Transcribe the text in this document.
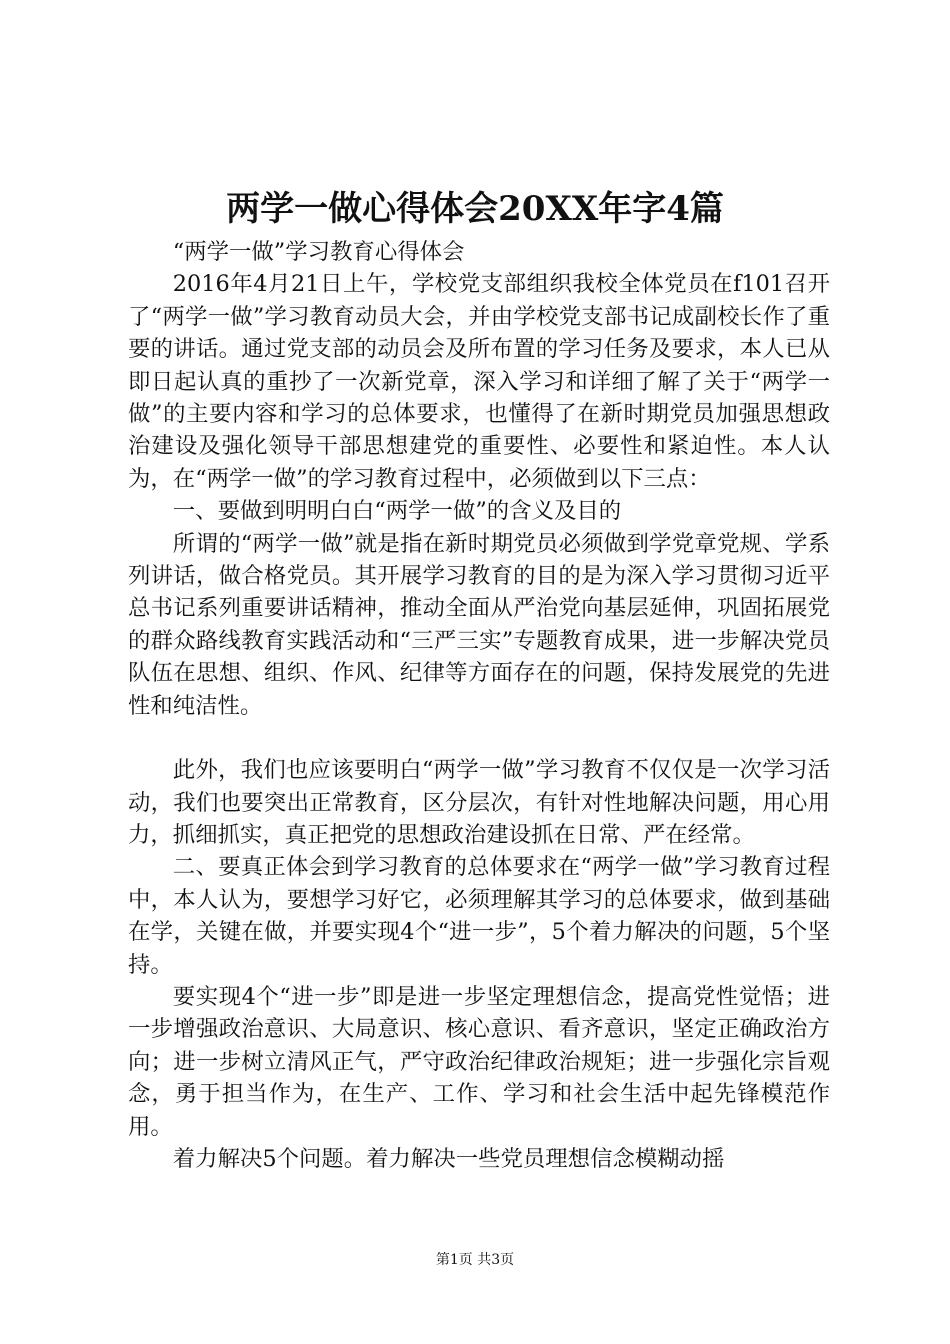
两学一做心得体会20XX年字4篇

“两学一做”学习教育心得体会

2016年4月21日上午，学校党支部组织我校全体党员在f101召开了“两学一做”学习教育动员大会，并由学校党支部书记成副校长作了重要的讲话。通过党支部的动员会及所布置的学习任务及要求，本人已从即日起认真的重抄了一次新党章，深入学习和详细了解了关于“两学一做”的主要内容和学习的总体要求，也懂得了在新时期党员加强思想政治建设及强化领导干部思想建党的重要性、必要性和紧迫性。本人认为，在“两学一做”的学习教育过程中，必须做到以下三点：

一、要做到明明白白“两学一做”的含义及目的

所谓的“两学一做”就是指在新时期党员必须做到学党章党规、学系列讲话，做合格党员。其开展学习教育的目的是为深入学习贯彻习近平总书记系列重要讲话精神，推动全面从严治党向基层延伸，巩固拓展党的群众路线教育实践活动和“三严三实”专题教育成果，进一步解决党员队伍在思想、组织、作风、纪律等方面存在的问题，保持发展党的先进性和纯洁性。

此外，我们也应该要明白“两学一做”学习教育不仅仅是一次学习活动，我们也要突出正常教育，区分层次，有针对性地解决问题，用心用力，抓细抓实，真正把党的思想政治建设抓在日常、严在经常。

二、要真正体会到学习教育的总体要求在“两学一做”学习教育过程中，本人认为，要想学习好它，必须理解其学习的总体要求，做到基础在学，关键在做，并要实现4个“进一步”，5个着力解决的问题，5个坚持。

要实现4个“进一步”即是进一步坚定理想信念，提高党性觉悟；进一步增强政治意识、大局意识、核心意识、看齐意识，坚定正确政治方向；进一步树立清风正气，严守政治纪律政治规矩；进一步强化宗旨观念，勇于担当作为，在生产、工作、学习和社会生活中起先锋模范作用。

着力解决5个问题。着力解决一些党员理想信念模糊动摇

第1页 共3页
